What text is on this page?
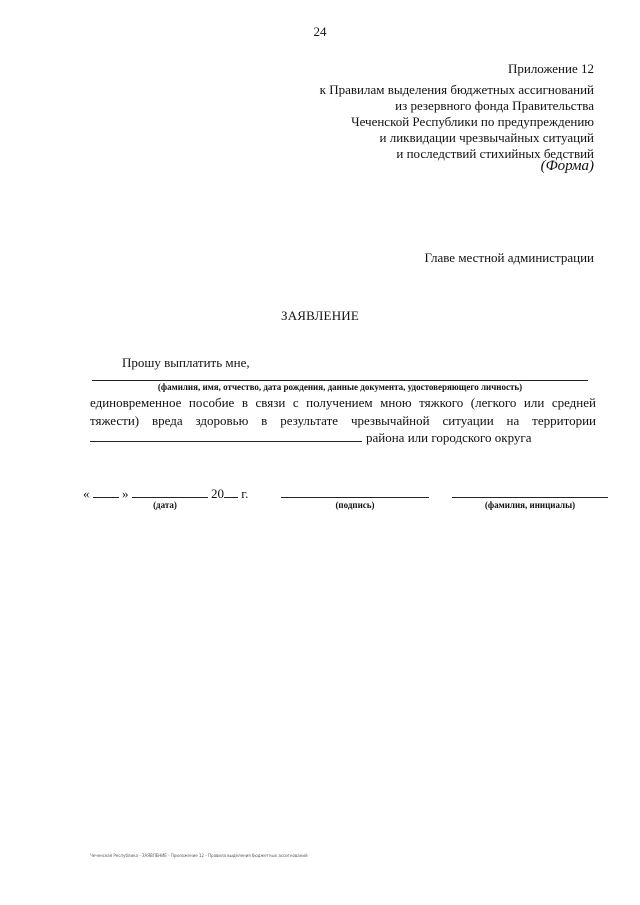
24
Приложение 12
к Правилам выделения бюджетных ассигнований
из резервного фонда Правительства
Чеченской Республики по предупреждению
и ликвидации чрезвычайных ситуаций
и последствий стихийных бедствий
(Форма)
Главе местной администрации
ЗАЯВЛЕНИЕ
Прошу выплатить мне,
(фамилия, имя, отчество, дата рождения, данные документа, удостоверяющего личность)
единовременное пособие в связи с получением мною тяжкого (легкого или средней
тяжести) вреда здоровью в результате чрезвычайной ситуации на территории
района или городского округа
«	»	20 г.
(дата)	(подпись)	(фамилия, инициалы)
Чеченская Республика - ЗАЯВЛЕНИЕ - Приложение 12 - Правила выделения бюджетных ассигнований
